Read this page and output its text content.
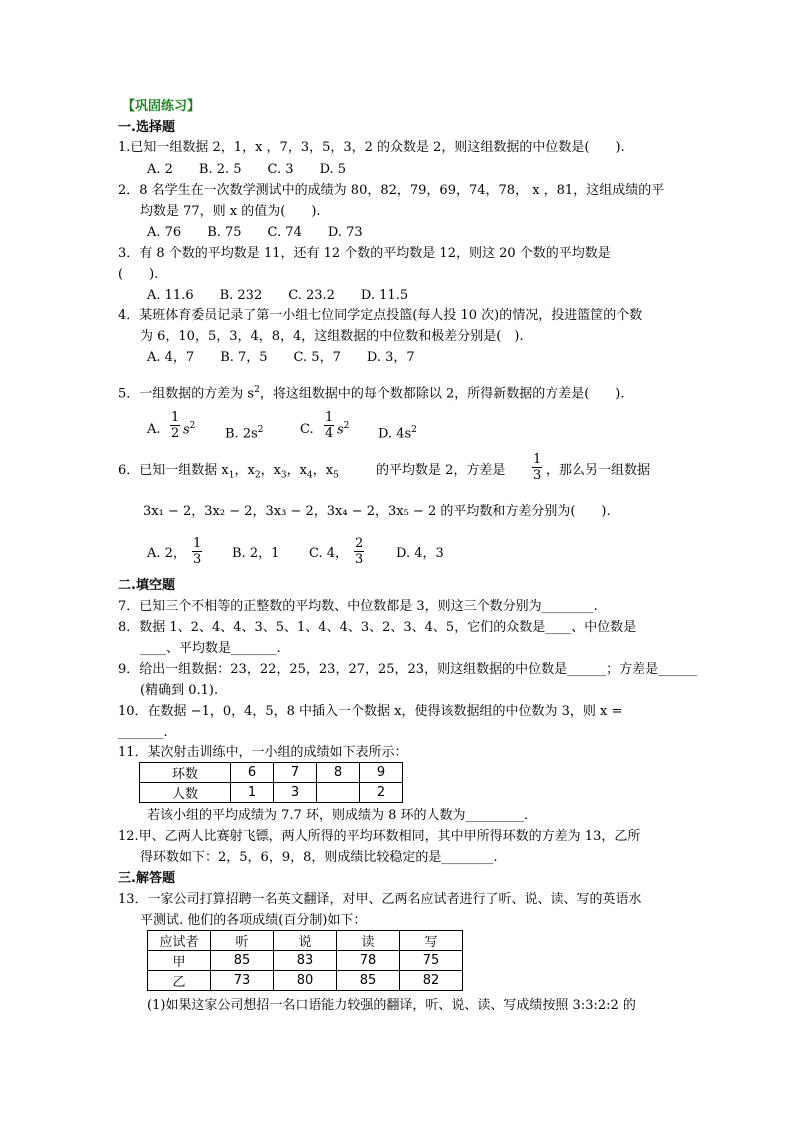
【巩固练习】
一.选择题
1.已知一组数据 2，1，x ，7，3，5，3，2 的众数是 2，则这组数据的中位数是(　　).
A. 2　　B. 2. 5　　C. 3　　D. 5
2．8 名学生在一次数学测试中的成绩为 80，82，79，69，74，78， x ，81，这组成绩的平
均数是 77，则 x 的值为(　　).
A. 76　　B. 75　　C. 74　　D. 73
3．有 8 个数的平均数是 11，还有 12 个数的平均数是 12，则这 20 个数的平均数是
(　　).
A. 11.6　　B. 232　　C. 23.2　　D. 11.5
4．某班体育委员记录了第一小组七位同学定点投篮(每人投 10 次)的情况，投进篮筐的个数
为 6，10，5，3，4，8，4，这组数据的中位数和极差分别是(　).
A. 4，7　　B. 7，5　　C. 5，7　　D. 3，7
5．一组数据的方差为 $s^2$，将这组数据中的每个数都除以 2，所得新数据的方差是(　　).
A. $\frac{1}{2} s^2$
B. $2s^2$	C. $\frac{1}{4} s^2$
D. $4s^2$
6．已知一组数据 $x_1$，$x_2$，$x_3$，$x_4$，$x_5$	的平均数是 2，方差是 $\frac{1}{3}$ ，那么另一组数据
3x₁ − 2，3x₂ − 2，3x₃ − 2，3x₄ − 2，3x₅ − 2 的平均数和方差分别为(　　).
A. 2， $\frac{1}{3} B$. 2，1 C. 4， $\frac{2}{3} D$. 4，3
二.填空题
7．已知三个不相等的正整数的平均数、中位数都是 3，则这三个数分别为________.
8．数据 1、2、4、4、3、5、1、4、4、3、2、3、4、5，它们的众数是____、中位数是
____、平均数是_______.
9．给出一组数据：23，22，25，23，27，25，23，则这组数据的中位数是______；方差是______
(精确到 0.1).
10．在数据 −1，0，4，5，8 中插入一个数据 x，使得该数据组的中位数为 3，则 x =
_______.
11．某次射击训练中，一小组的成绩如下表所示：
环数	6	7	8	9
人数	1	3		2
若该小组的平均成绩为 7.7 环，则成绩为 8 环的人数为_________.
12.甲、乙两人比赛射飞镖，两人所得的平均环数相同，其中甲所得环数的方差为 13，乙所
得环数如下：2，5，6，9，8，则成绩比较稳定的是________.
三.解答题
13．一家公司打算招聘一名英文翻译，对甲、乙两名应试者进行了听、说、读、写的英语水
平测试. 他们的各项成绩(百分制)如下：
应试者	听	说	读	写
甲	85	83	78	75
乙	73	80	85	82
(1)如果这家公司想招一名口语能力较强的翻译，听、说、读、写成绩按照 3:3:2:2 的
